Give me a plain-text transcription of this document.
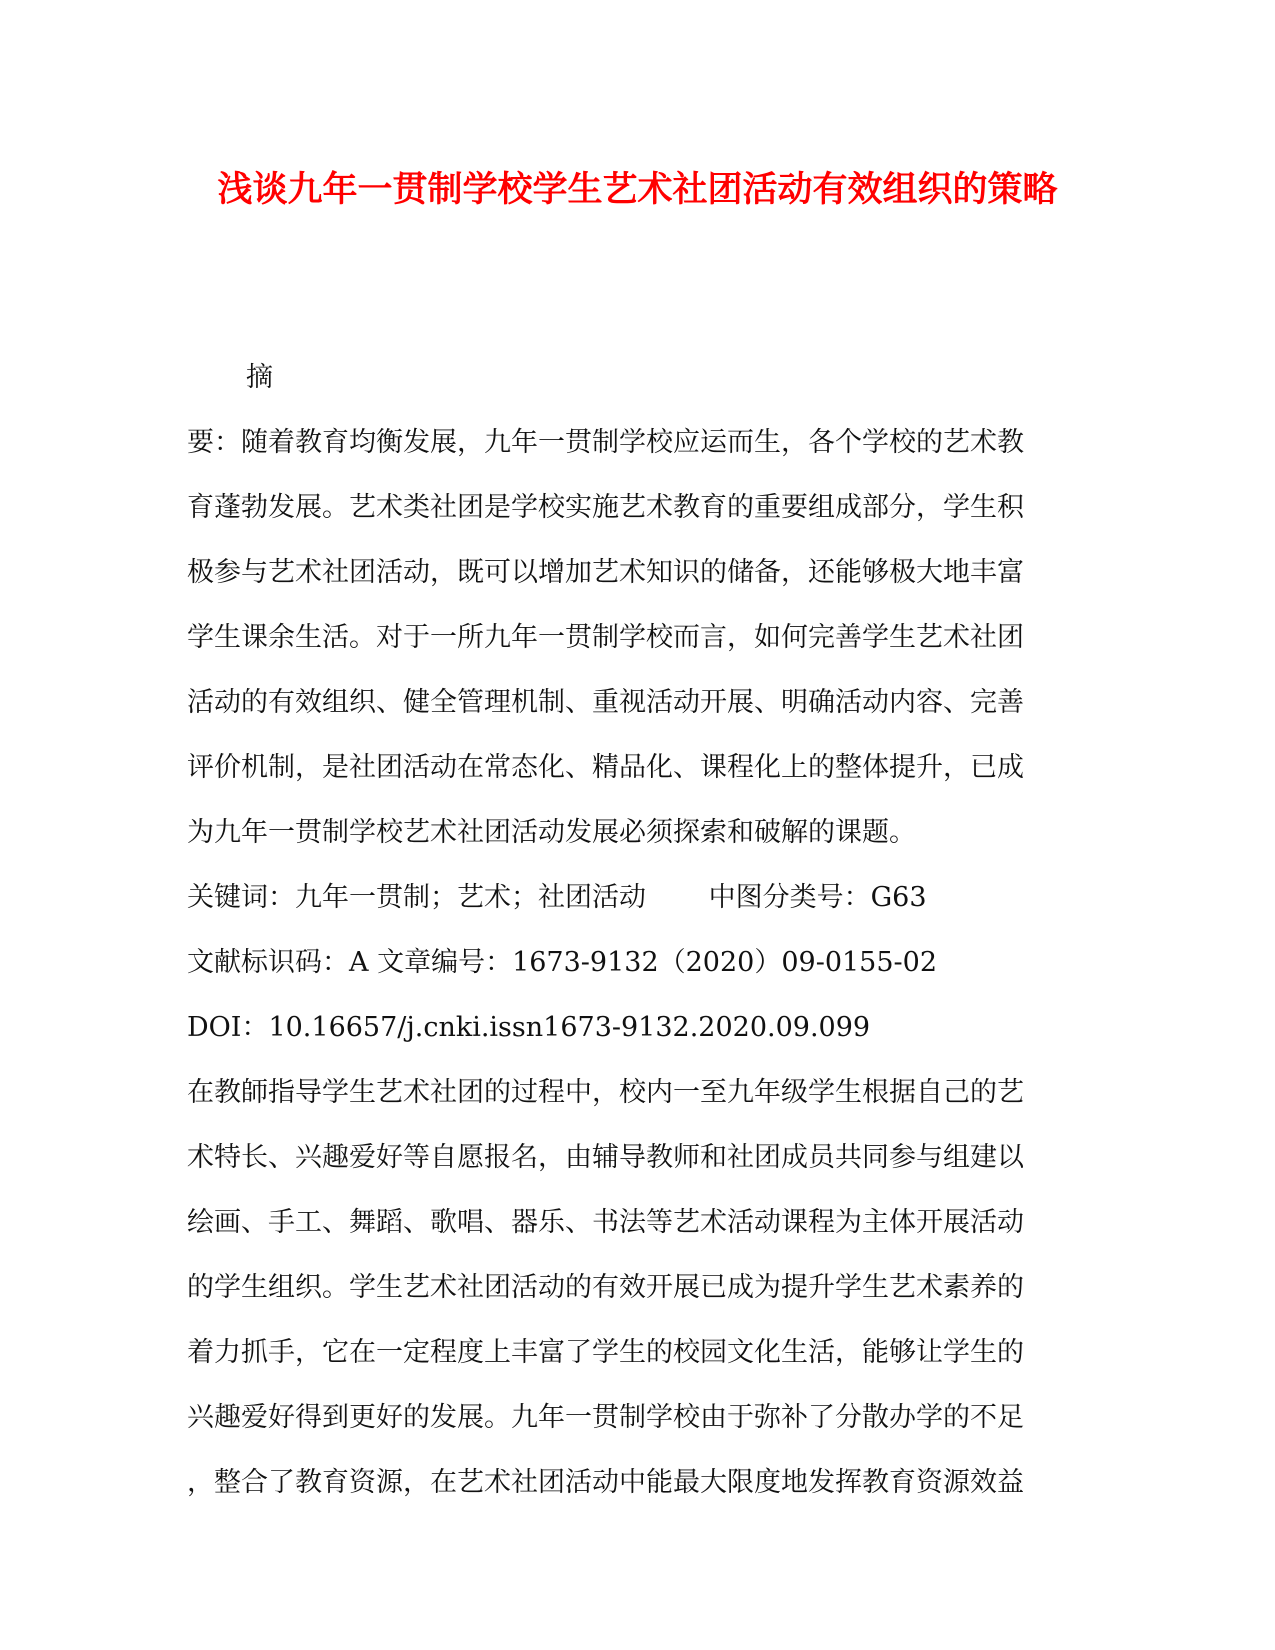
浅谈九年一贯制学校学生艺术社团活动有效组织的策略
摘
要：随着教育均衡发展，九年一贯制学校应运而生，各个学校的艺术教
育蓬勃发展。艺术类社团是学校实施艺术教育的重要组成部分，学生积
极参与艺术社团活动，既可以增加艺术知识的储备，还能够极大地丰富
学生课余生活。对于一所九年一贯制学校而言，如何完善学生艺术社团
活动的有效组织、健全管理机制、重视活动开展、明确活动内容、完善
评价机制，是社团活动在常态化、精品化、课程化上的整体提升，已成
为九年一贯制学校艺术社团活动发展必须探索和破解的课题。
关键词：九年一贯制；艺术；社团活动　　 中图分类号：G63
文献标识码：A 文章编号：1673-9132（2020）09-0155-02
DOI：10.16657/j.cnki.issn1673-9132.2020.09.099
在教師指导学生艺术社团的过程中，校内一至九年级学生根据自己的艺
术特长、兴趣爱好等自愿报名，由辅导教师和社团成员共同参与组建以
绘画、手工、舞蹈、歌唱、器乐、书法等艺术活动课程为主体开展活动
的学生组织。学生艺术社团活动的有效开展已成为提升学生艺术素养的
着力抓手，它在一定程度上丰富了学生的校园文化生活，能够让学生的
兴趣爱好得到更好的发展。九年一贯制学校由于弥补了分散办学的不足
，整合了教育资源，在艺术社团活动中能最大限度地发挥教育资源效益
